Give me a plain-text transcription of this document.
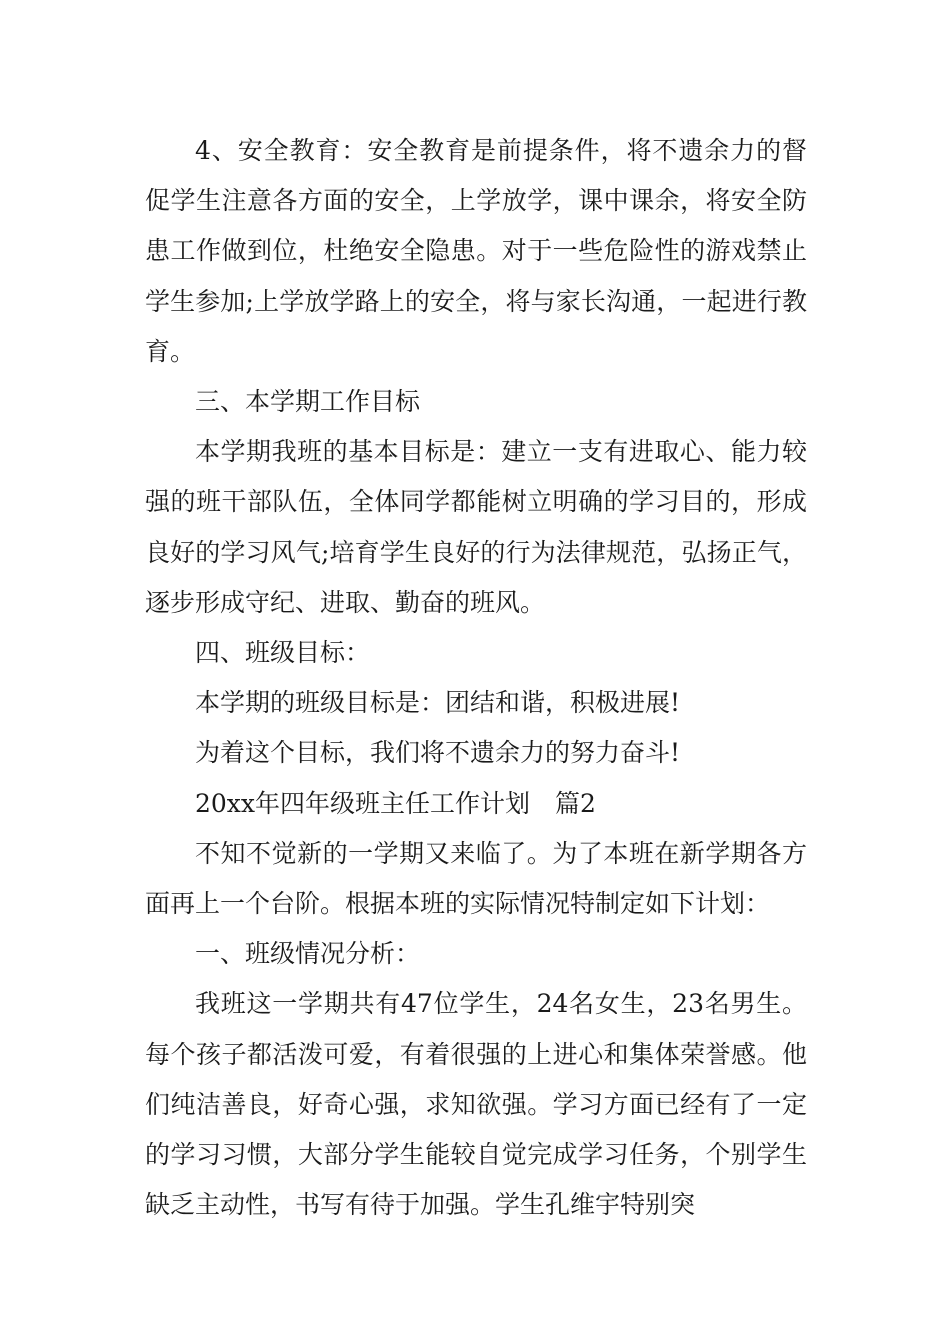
4、安全教育：安全教育是前提条件，将不遗余力的督促学生注意各方面的安全，上学放学，课中课余，将安全防患工作做到位，杜绝安全隐患。对于一些危险性的游戏禁止学生参加;上学放学路上的安全，将与家长沟通，一起进行教育。

三、本学期工作目标

本学期我班的基本目标是：建立一支有进取心、能力较强的班干部队伍，全体同学都能树立明确的学习目的，形成良好的学习风气;培育学生良好的行为法律规范，弘扬正气，逐步形成守纪、进取、勤奋的班风。

四、班级目标：

本学期的班级目标是：团结和谐，积极进展!

为着这个目标，我们将不遗余力的努力奋斗!

20xx年四年级班主任工作计划　篇2

不知不觉新的一学期又来临了。为了本班在新学期各方面再上一个台阶。根据本班的实际情况特制定如下计划：

一、班级情况分析：

我班这一学期共有47位学生，24名女生，23名男生。每个孩子都活泼可爱，有着很强的上进心和集体荣誉感。他们纯洁善良，好奇心强，求知欲强。学习方面已经有了一定的学习习惯，大部分学生能较自觉完成学习任务，个别学生缺乏主动性，书写有待于加强。学生孔维宇特别突
